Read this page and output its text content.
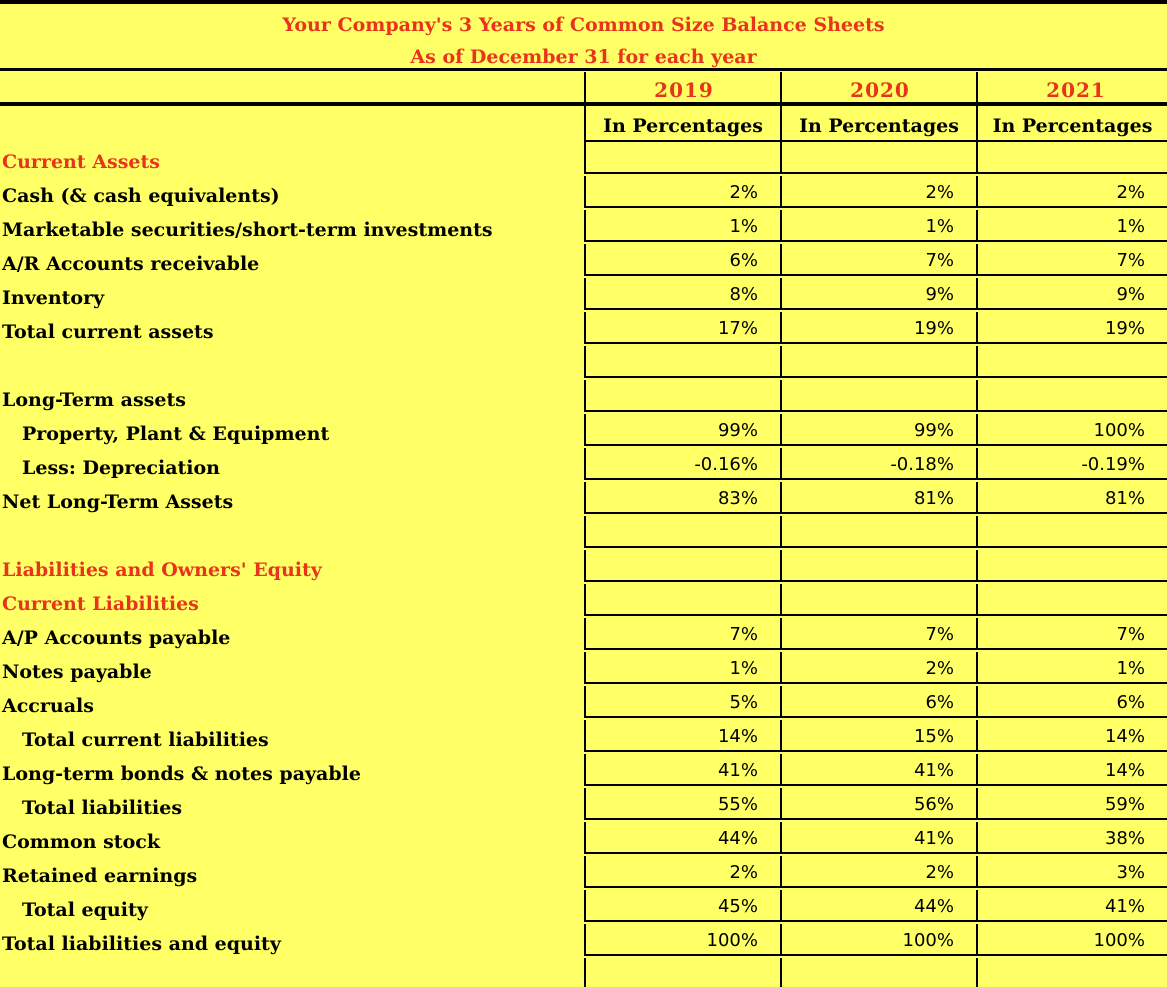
Your Company's 3 Years of Common Size Balance Sheets
As of December 31 for each year
2019	2020	2021
In Percentages	In Percentages	In Percentages
Current Assets
Cash (& cash equivalents)	2%	2%	2%
Marketable securities/short-term investments	1%	1%	1%
A/R Accounts receivable	6%	7%	7%
Inventory	8%	9%	9%
Total current assets	17%	19%	19%
Long-Term assets
Property, Plant & Equipment	99%	99%	100%
Less: Depreciation	-0.16%	-0.18%	-0.19%
Net Long-Term Assets	83%	81%	81%
Liabilities and Owners' Equity
Current Liabilities
A/P Accounts payable	7%	7%	7%
Notes payable	1%	2%	1%
Accruals	5%	6%	6%
Total current liabilities	14%	15%	14%
Long-term bonds & notes payable	41%	41%	14%
Total liabilities	55%	56%	59%
Common stock	44%	41%	38%
Retained earnings	2%	2%	3%
Total equity	45%	44%	41%
Total liabilities and equity	100%	100%	100%
